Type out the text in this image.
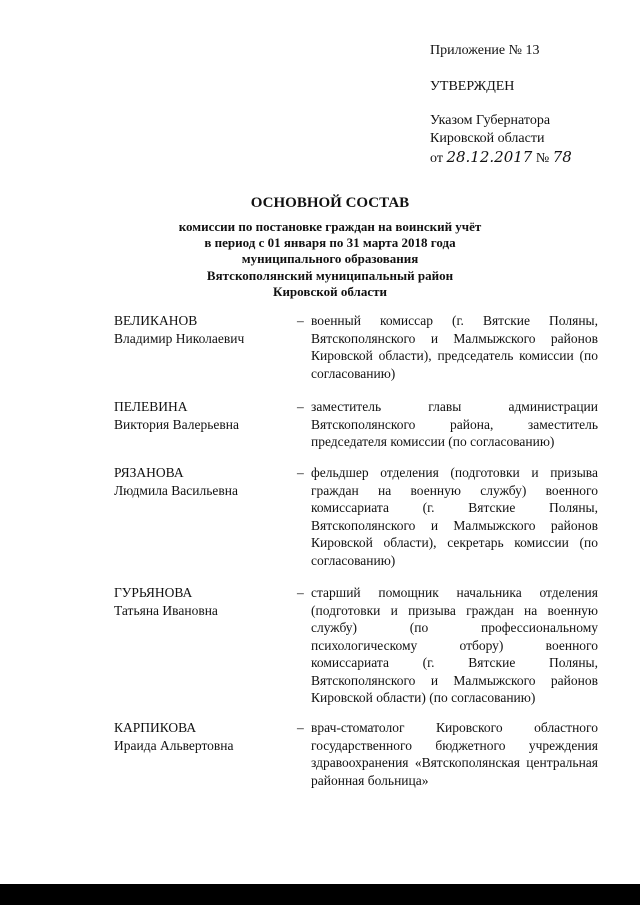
Приложение № 13
УТВЕРЖДЕН
Указом Губернатора
Кировской области
от 28.12.2017 № 78
ОСНОВНОЙ СОСТАВ
комиссии по постановке граждан на воинский учёт
в период с 01 января по 31 марта 2018 года
муниципального образования
Вятскополянский муниципальный район
Кировской области
ВЕЛИКАНОВ
Владимир Николаевич
– военный комиссар (г. Вятские Поляны, Вятскополянского и Малмыжского районов Кировской области), председатель комиссии (по согласованию)
ПЕЛЕВИНА
Виктория Валерьевна
– заместитель главы администрации Вятскополянского района, заместитель председателя комиссии (по согласованию)
РЯЗАНОВА
Людмила Васильевна
– фельдшер отделения (подготовки и призыва граждан на военную службу) военного комиссариата (г. Вятские Поляны, Вятскополянского и Малмыжского районов Кировской области), секретарь комиссии (по согласованию)
ГУРЬЯНОВА
Татьяна Ивановна
– старший помощник начальника отделения (подготовки и призыва граждан на военную службу) (по профессиональному психологическому отбору) военного комиссариата (г. Вятские Поляны, Вятскополянского и Малмыжского районов Кировской области) (по согласованию)
КАРПИКОВА
Ираида Альвертовна
– врач-стоматолог Кировского областного государственного бюджетного учреждения здравоохранения «Вятскополянская центральная районная больница»
